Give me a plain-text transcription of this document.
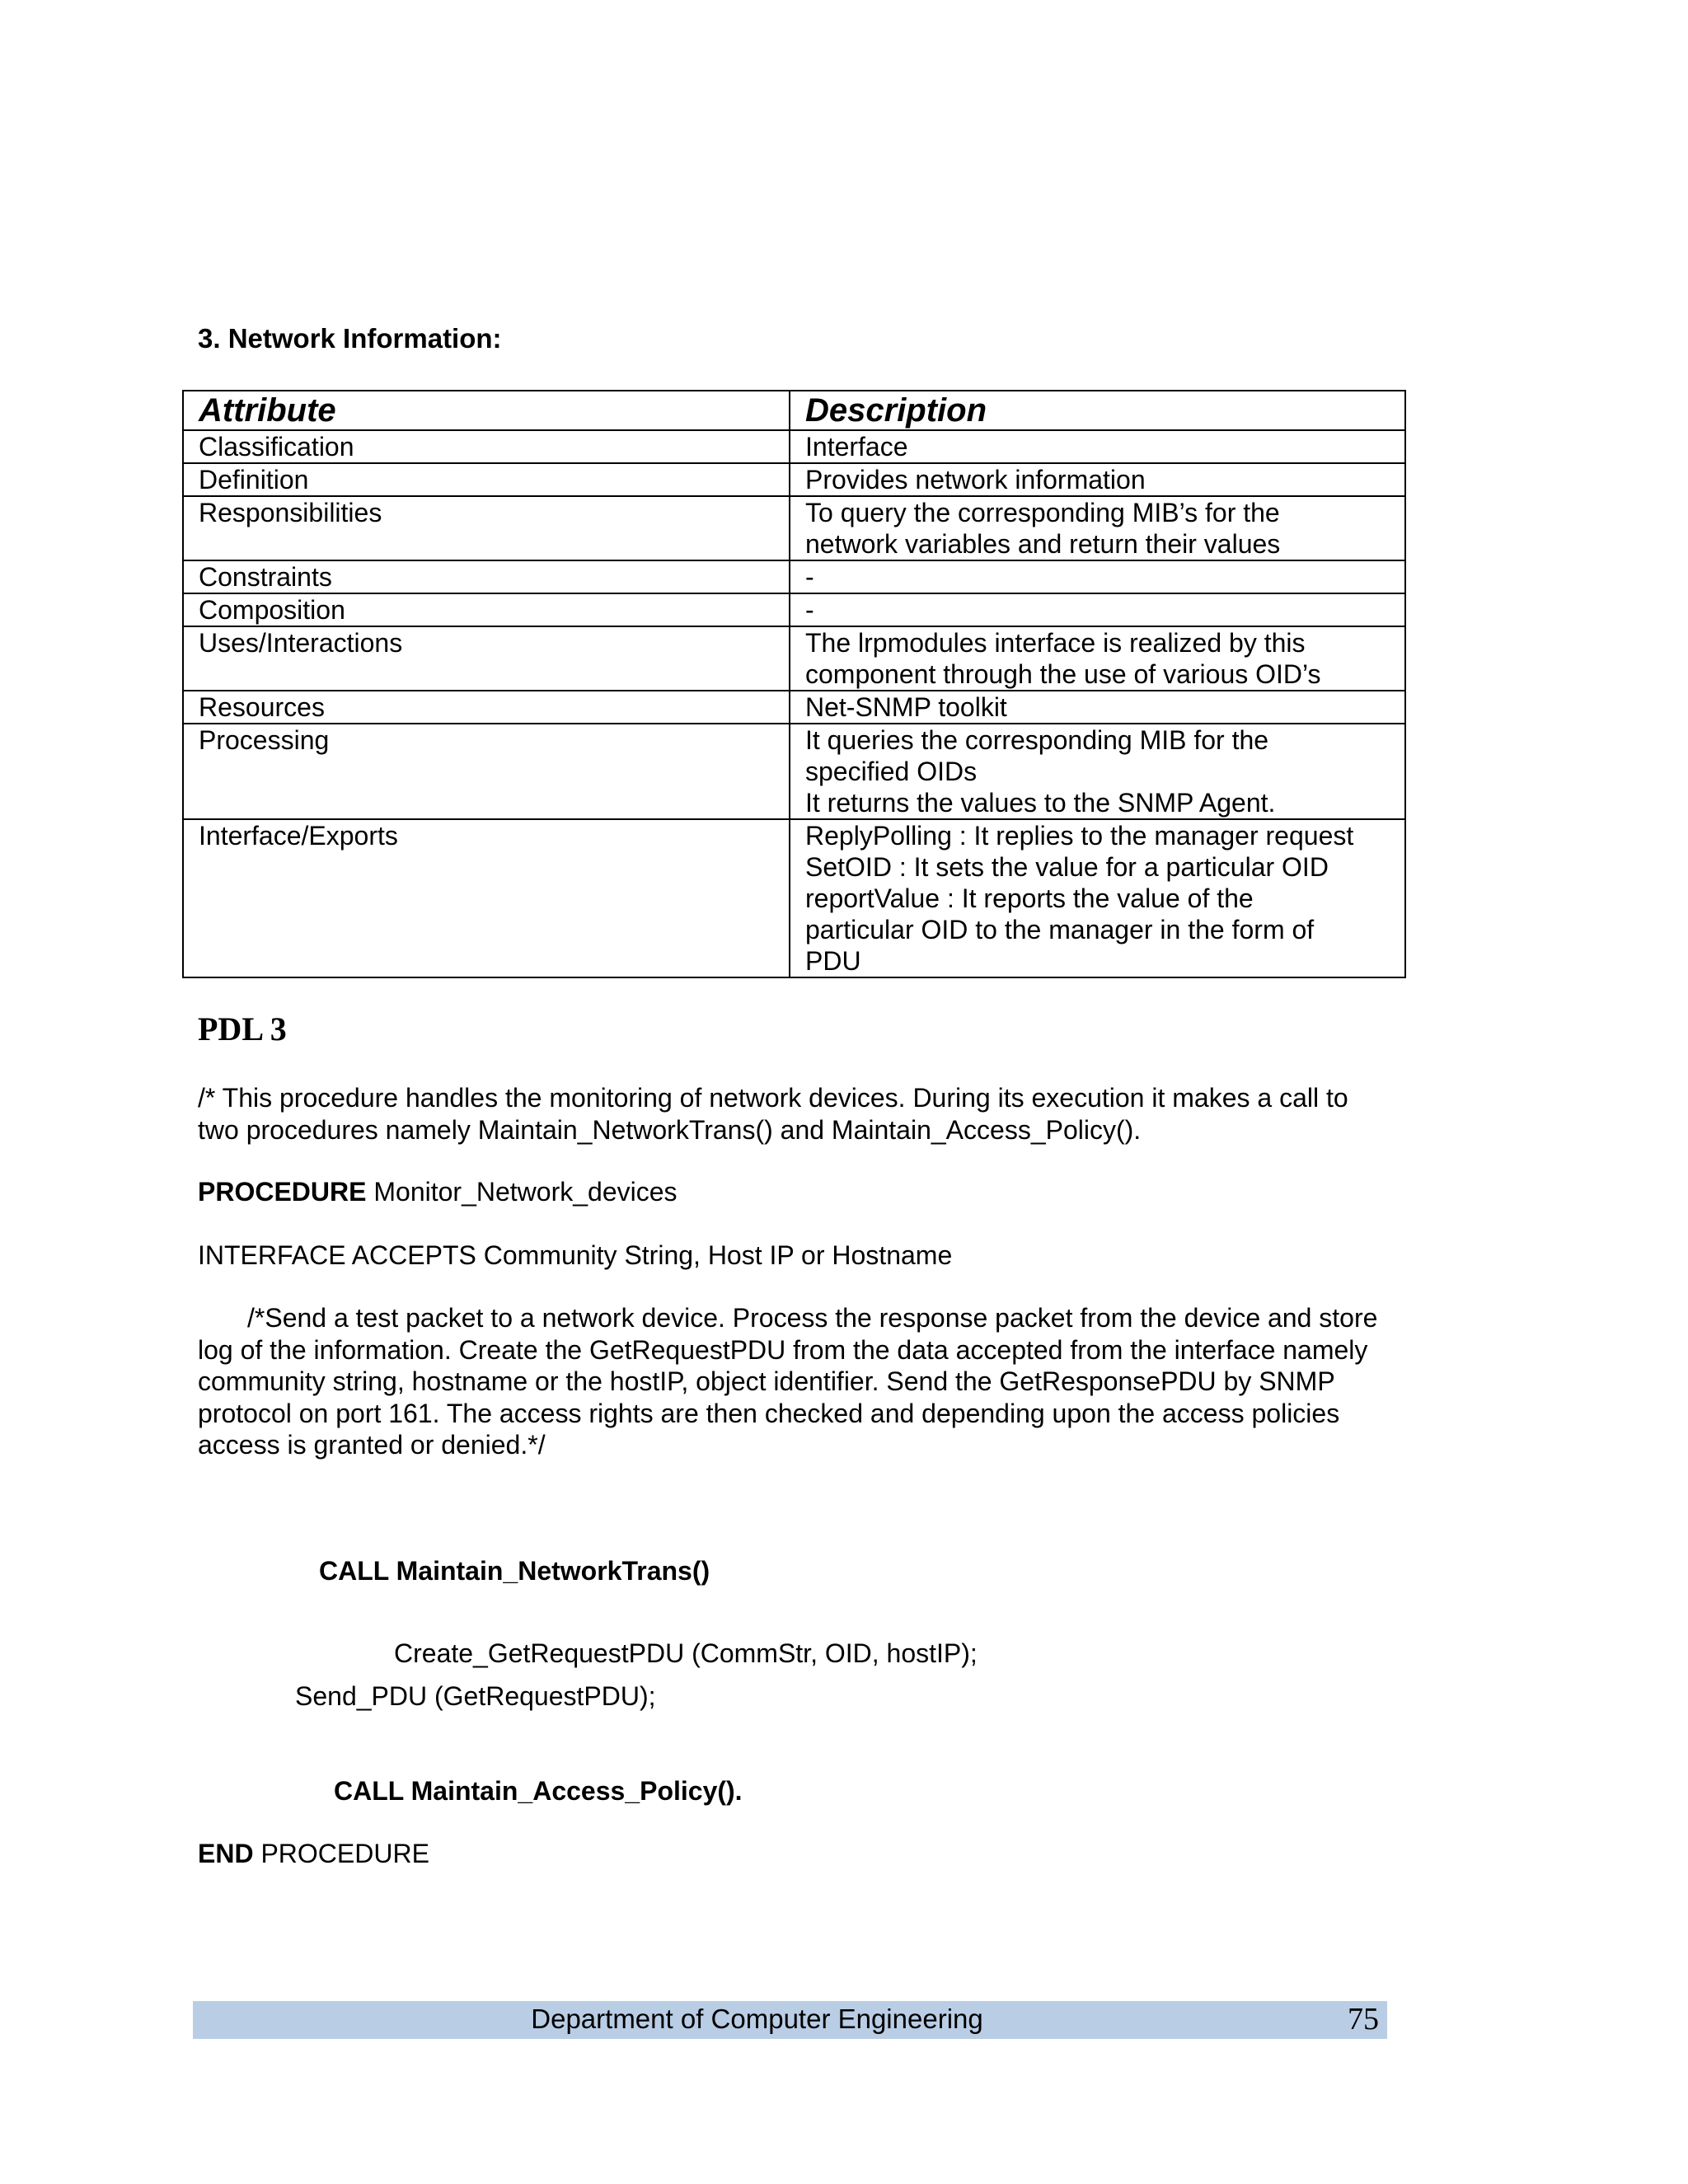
3. Network Information:
Attribute	Description
Classification	Interface

Definition	Provides network information

Responsibilities	To query the corresponding MIB’s for the
network variables and return their values

Constraints	-

Composition	-

Uses/Interactions	The lrpmodules interface is realized by this
component through the use of various OID’s

Resources	Net-SNMP toolkit

Processing	It queries the corresponding MIB for the
specified OIDs
It returns the values to the SNMP Agent.

Interface/Exports	ReplyPolling : It replies to the manager request
SetOID : It sets the value for a particular OID
reportValue : It reports the value of the
particular OID to the manager in the form of
PDU
PDL 3
/* This procedure handles the monitoring of network devices. During its execution it makes a call to
two procedures namely Maintain_NetworkTrans() and Maintain_Access_Policy().
PROCEDURE Monitor_Network_devices
INTERFACE ACCEPTS Community String, Host IP or Hostname
/*Send a test packet to a network device. Process the response packet from the device and store
log of the information. Create the GetRequestPDU from the data accepted from the interface namely
community string, hostname or the hostIP, object identifier. Send the GetResponsePDU by SNMP
protocol on port 161. The access rights are then checked and depending upon the access policies
access is granted or denied.*/
CALL Maintain_NetworkTrans()
Create_GetRequestPDU (CommStr, OID, hostIP);
Send_PDU (GetRequestPDU);
CALL Maintain_Access_Policy().
END PROCEDURE
Department of Computer Engineering	75
